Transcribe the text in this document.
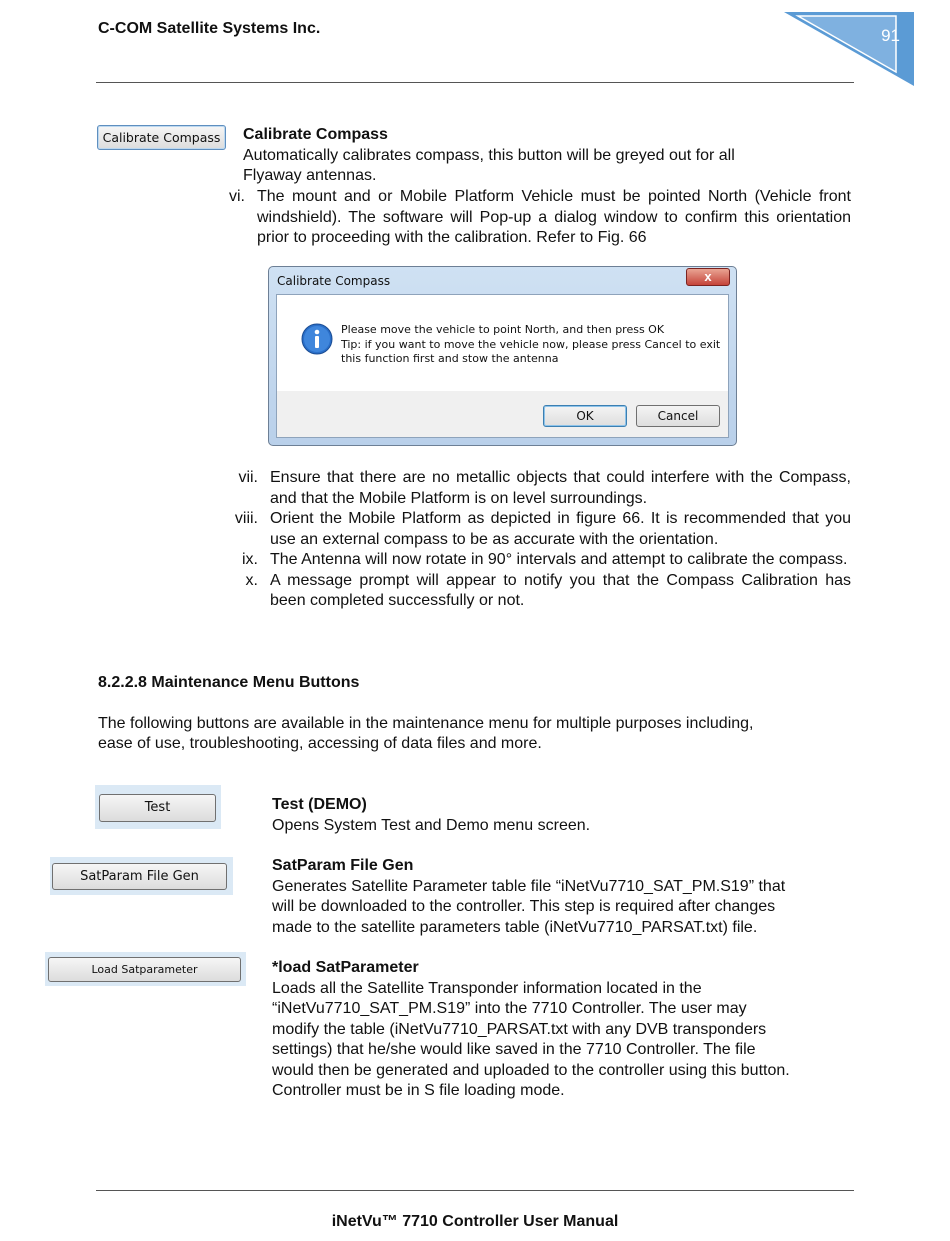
C-COM Satellite Systems Inc.	91
Calibrate Compass	Calibrate Compass
Automatically calibrates compass, this button will be greyed out for all
Flyaway antennas.
vi. The mount and or Mobile Platform Vehicle must be pointed North (Vehicle front windshield). The software will Pop-up a dialog window to confirm this orientation prior to proceeding with the calibration. Refer to Fig. 66
Calibrate Compass	x
Please move the vehicle to point North, and then press OK
Tip: if you want to move the vehicle now, please press Cancel to exit
this function first and stow the antenna
OK	Cancel
vii. Ensure that there are no metallic objects that could interfere with the Compass, and that the Mobile Platform is on level surroundings.
viii. Orient the Mobile Platform as depicted in figure 66. It is recommended that you use an external compass to be as accurate with the orientation.
ix. The Antenna will now rotate in 90° intervals and attempt to calibrate the compass.
x. A message prompt will appear to notify you that the Compass Calibration has been completed successfully or not.
8.2.2.8 Maintenance Menu Buttons
The following buttons are available in the maintenance menu for multiple purposes including,
ease of use, troubleshooting, accessing of data files and more.
Test	Test (DEMO)
Opens System Test and Demo menu screen.
SatParam File Gen
SatParam File Gen
Generates Satellite Parameter table file “iNetVu7710_SAT_PM.S19” that
will be downloaded to the controller. This step is required after changes
made to the satellite parameters table (iNetVu7710_PARSAT.txt) file.
Load Satparameter	*load SatParameter
Loads all the Satellite Transponder information located in the
“iNetVu7710_SAT_PM.S19” into the 7710 Controller. The user may
modify the table (iNetVu7710_PARSAT.txt with any DVB transponders
settings) that he/she would like saved in the 7710 Controller. The file
would then be generated and uploaded to the controller using this button.
Controller must be in S file loading mode.
iNetVu™ 7710 Controller User Manual
